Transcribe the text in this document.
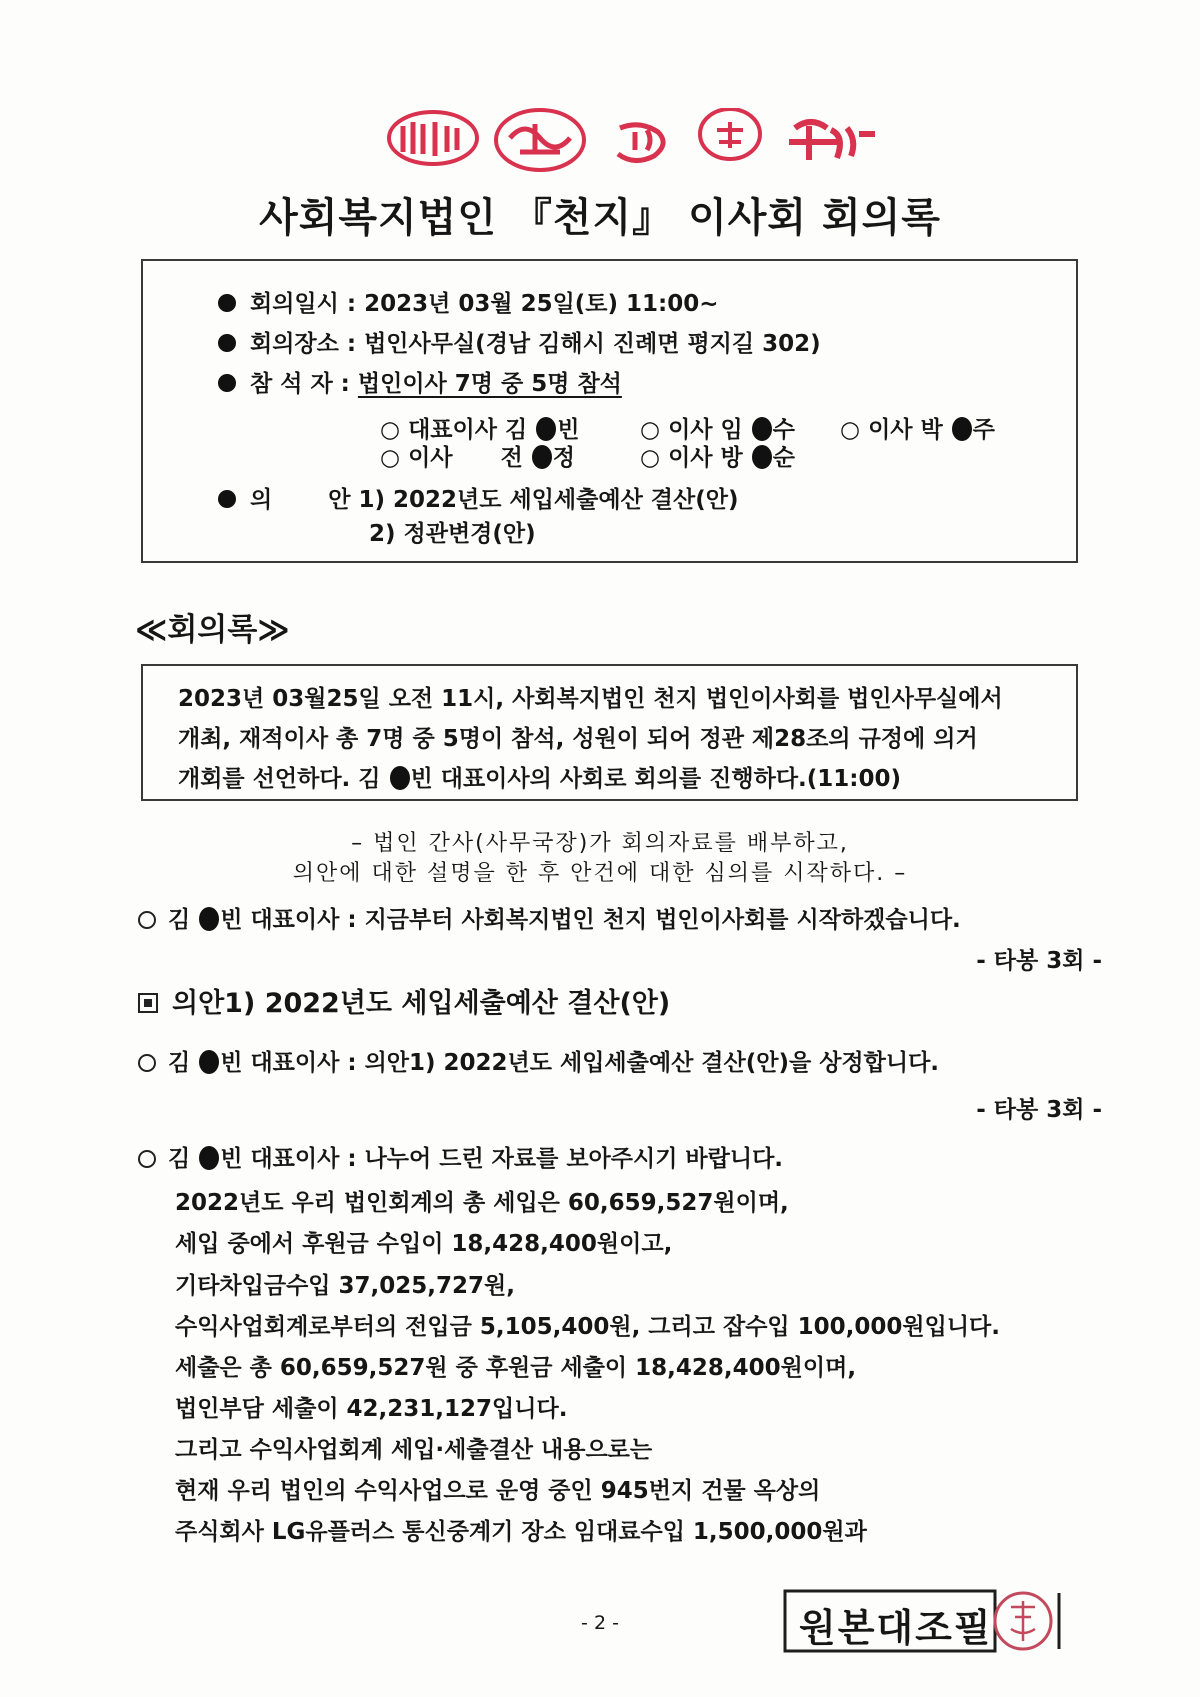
사회복지법인 『천지』 이사회 회의록
회의일시 : 2023년 03월 25일(토) 11:00~
회의장소 : 법인사무실(경남 김해시 진례면 평지길 302)
참 석 자 : 법인이사 7명 중 5명 참석
○ 대표이사 김 빈	○ 이사 임 수 ○ 이사 박 주
○ 이사 전 정	○ 이사 방 순
의 안 1) 2022년도 세입세출예산 결산(안)
2) 정관변경(안)
≪회의록≫
2023년 03월25일 오전 11시, 사회복지법인 천지 법인이사회를 법인사무실에서
개최, 재적이사 총 7명 중 5명이 참석, 성원이 되어 정관 제28조의 규정에 의거
개회를 선언하다. 김 빈 대표이사의 사회로 회의를 진행하다.(11:00)
– 법인 간사(사무국장)가 회의자료를 배부하고,
의안에 대한 설명을 한 후 안건에 대한 심의를 시작하다. –
김 빈 대표이사 : 지금부터 사회복지법인 천지 법인이사회를 시작하겠습니다.
- 타봉 3회 -
의안1) 2022년도 세입세출예산 결산(안)
김 빈 대표이사 : 의안1) 2022년도 세입세출예산 결산(안)을 상정합니다.
- 타봉 3회 -
김 빈 대표이사 : 나누어 드린 자료를 보아주시기 바랍니다.
2022년도 우리 법인회계의 총 세입은 60,659,527원이며,
세입 중에서 후원금 수입이 18,428,400원이고,
기타차입금수입 37,025,727원,
수익사업회계로부터의 전입금 5,105,400원, 그리고 잡수입 100,000원입니다.
세출은 총 60,659,527원 중 후원금 세출이 18,428,400원이며,
법인부담 세출이 42,231,127입니다.
그리고 수익사업회계 세입·세출결산 내용으로는
현재 우리 법인의 수익사업으로 운영 중인 945번지 건물 옥상의
주식회사 LG유플러스 통신중계기 장소 임대료수입 1,500,000원과
- 2 -	원본대조필
